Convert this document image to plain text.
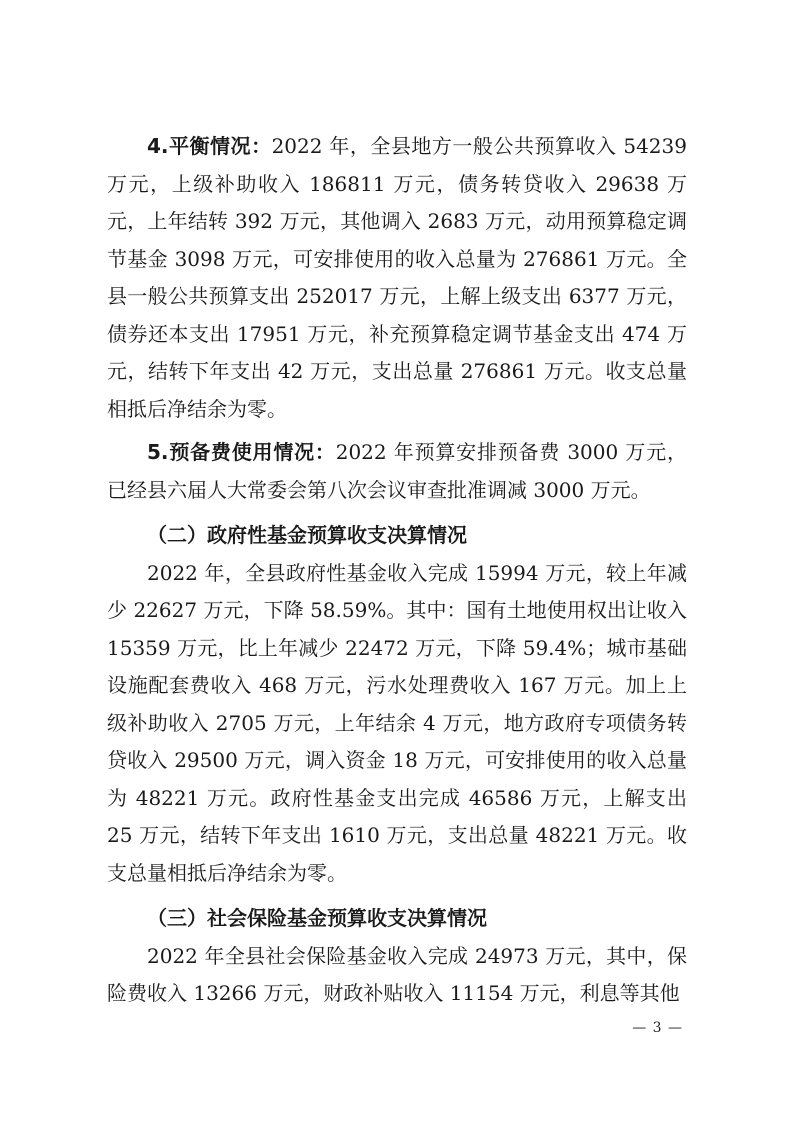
4.平衡情况：2022 年，全县地方一般公共预算收入 54239 万元，上级补助收入 186811 万元，债务转贷收入 29638 万元，上年结转 392 万元，其他调入 2683 万元，动用预算稳定调节基金 3098 万元，可安排使用的收入总量为 276861 万元。全县一般公共预算支出 252017 万元，上解上级支出 6377 万元，债券还本支出 17951 万元，补充预算稳定调节基金支出 474 万元，结转下年支出 42 万元，支出总量 276861 万元。收支总量相抵后净结余为零。

5.预备费使用情况：2022 年预算安排预备费 3000 万元，已经县六届人大常委会第八次会议审查批准调减 3000 万元。

（二）政府性基金预算收支决算情况

2022 年，全县政府性基金收入完成 15994 万元，较上年减少 22627 万元，下降 58.59%。其中：国有土地使用权出让收入 15359 万元，比上年减少 22472 万元，下降 59.4%；城市基础设施配套费收入 468 万元，污水处理费收入 167 万元。加上上级补助收入 2705 万元，上年结余 4 万元，地方政府专项债务转贷收入 29500 万元，调入资金 18 万元，可安排使用的收入总量为 48221 万元。政府性基金支出完成 46586 万元，上解支出 25 万元，结转下年支出 1610 万元，支出总量 48221 万元。收支总量相抵后净结余为零。

（三）社会保险基金预算收支决算情况

2022 年全县社会保险基金收入完成 24973 万元，其中，保险费收入 13266 万元，财政补贴收入 11154 万元，利息等其他

— 3 —
